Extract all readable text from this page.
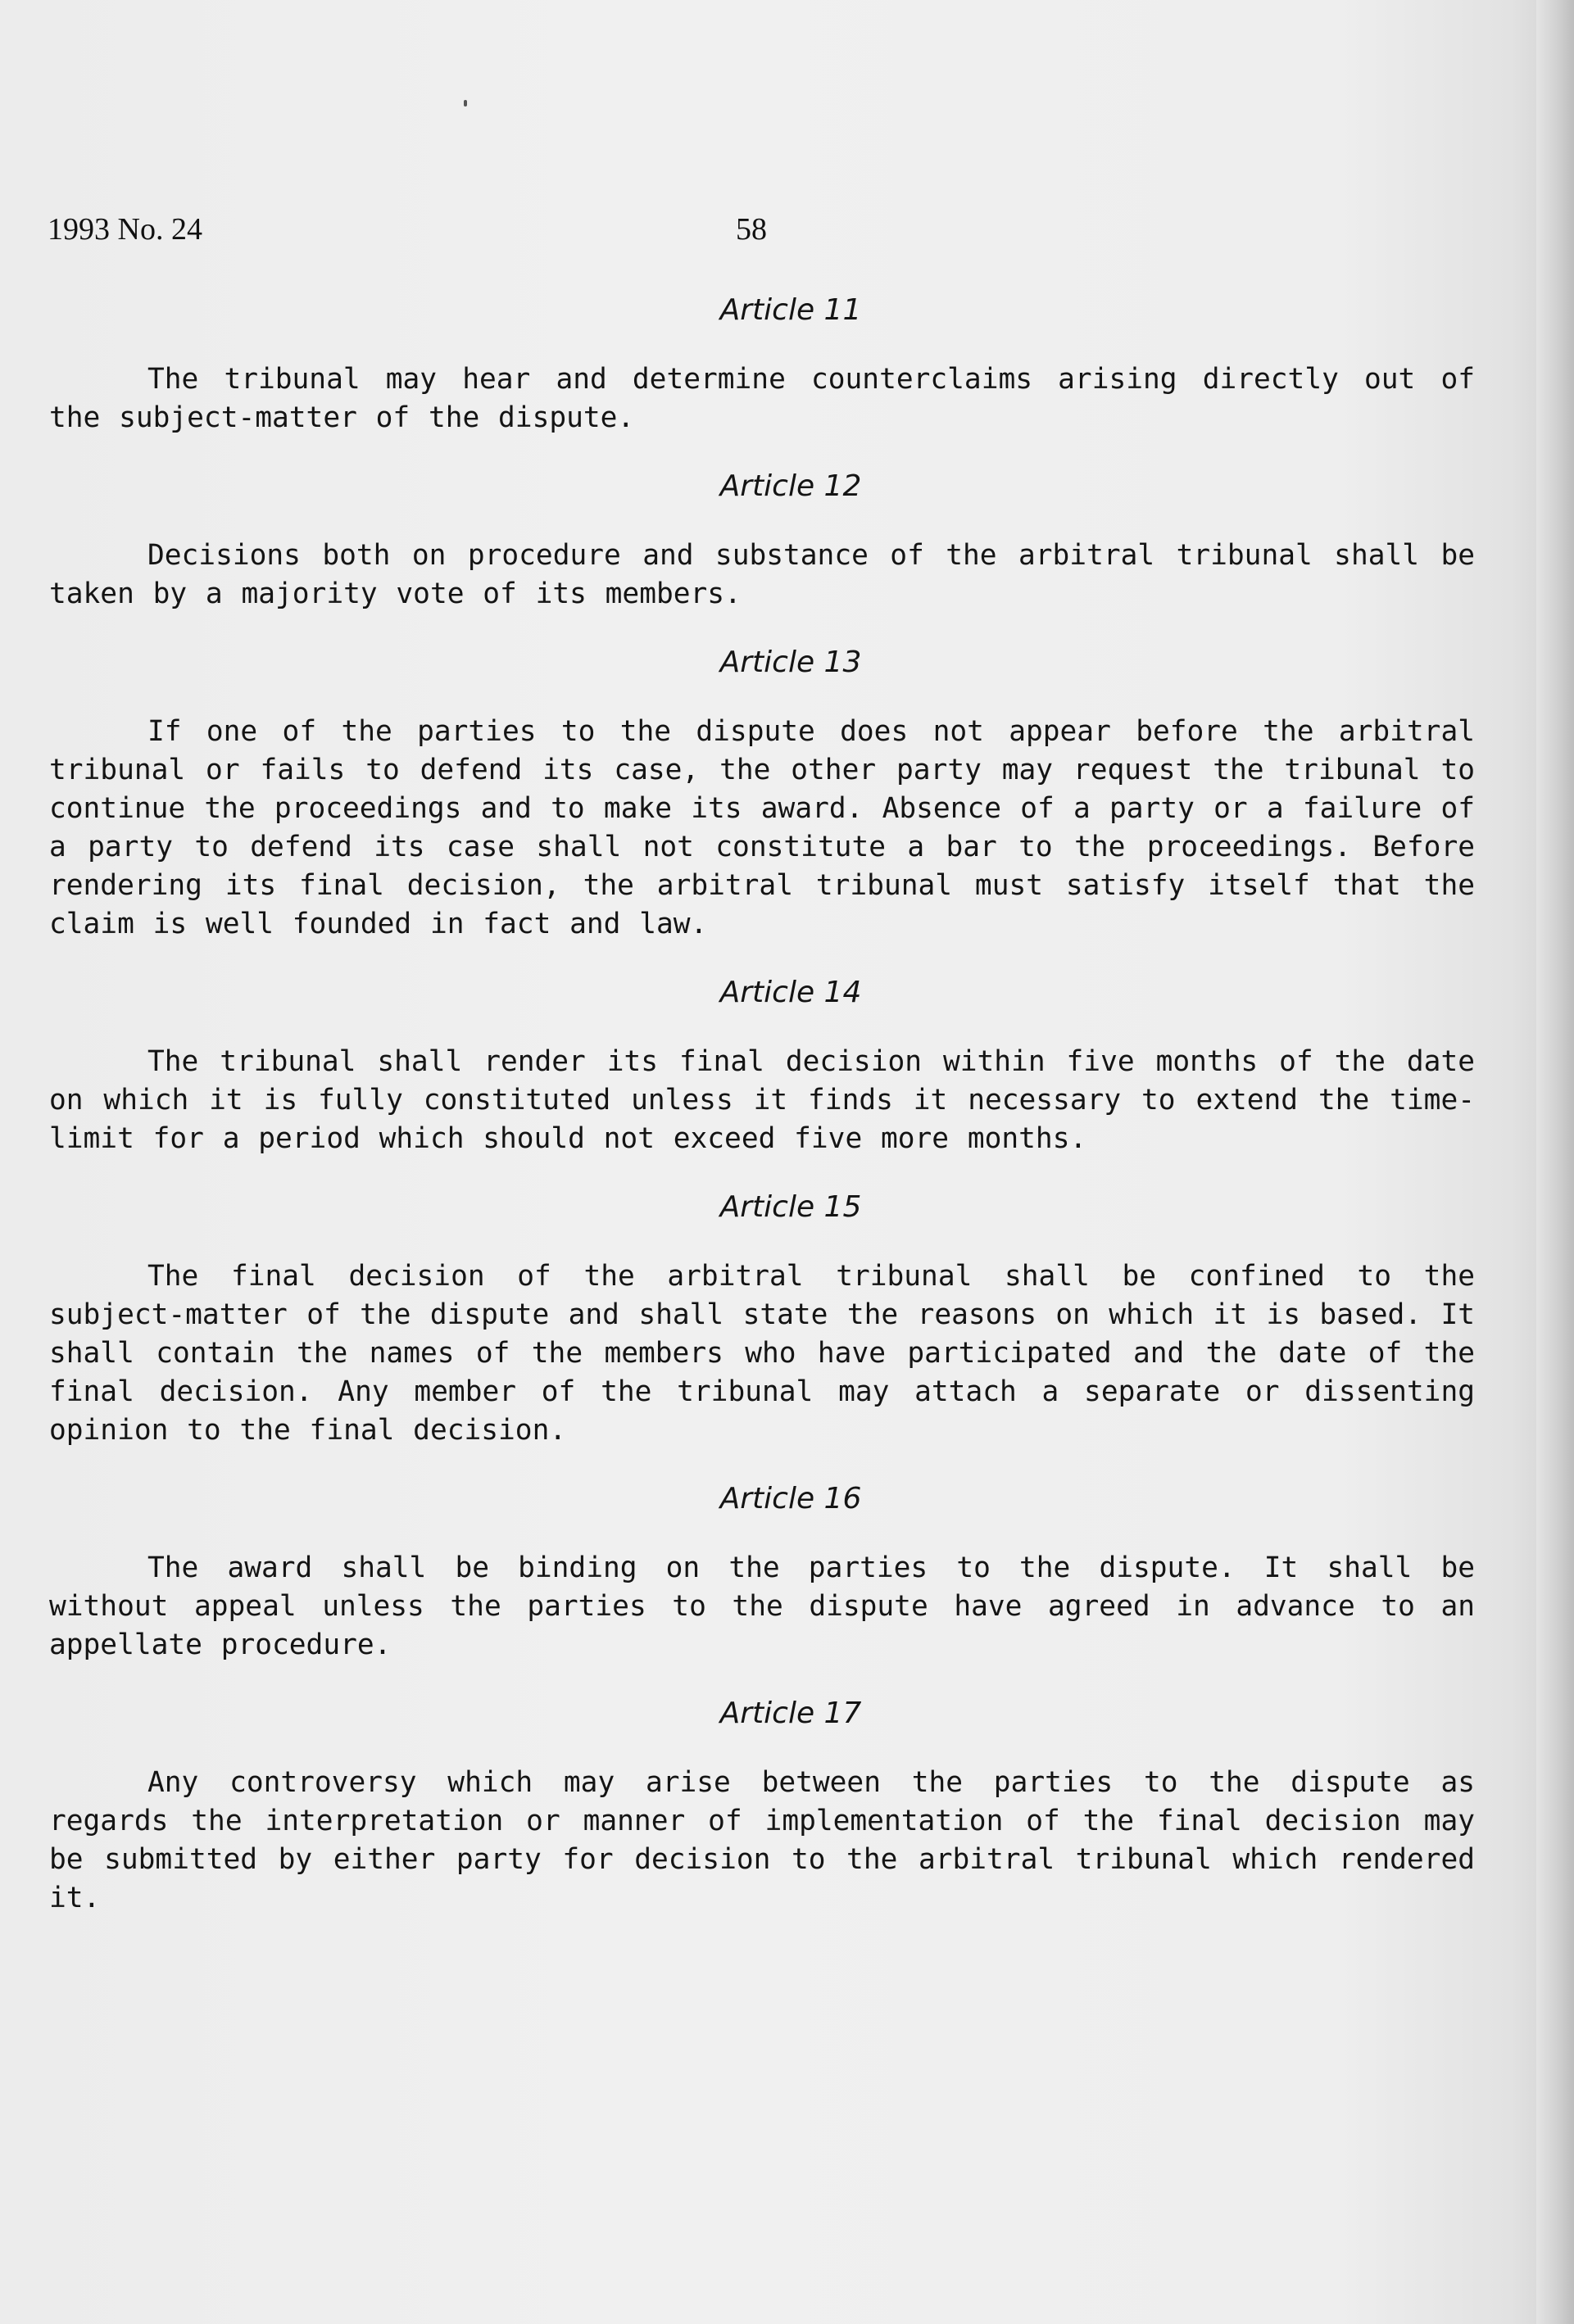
1993 No. 24	58
Article 11

The tribunal may hear and determine counterclaims arising directly out of the subject-matter of the dispute.

Article 12

Decisions both on procedure and substance of the arbitral tribunal shall be taken by a majority vote of its members.

Article 13

If one of the parties to the dispute does not appear before the arbitral tribunal or fails to defend its case, the other party may request the tribunal to continue the proceedings and to make its award. Absence of a party or a failure of a party to defend its case shall not constitute a bar to the proceedings. Before rendering its final decision, the arbitral tribunal must satisfy itself that the claim is well founded in fact and law.

Article 14

The tribunal shall render its final decision within five months of the date on which it is fully constituted unless it finds it necessary to extend the time-limit for a period which should not exceed five more months.

Article 15

The final decision of the arbitral tribunal shall be confined to the subject-matter of the dispute and shall state the reasons on which it is based. It shall contain the names of the members who have participated and the date of the final decision. Any member of the tribunal may attach a separate or dissenting opinion to the final decision.

Article 16

The award shall be binding on the parties to the dispute. It shall be without appeal unless the parties to the dispute have agreed in advance to an appellate procedure.

Article 17

Any controversy which may arise between the parties to the dispute as regards the interpretation or manner of implementation of the final decision may be submitted by either party for decision to the arbitral tribunal which rendered it.
